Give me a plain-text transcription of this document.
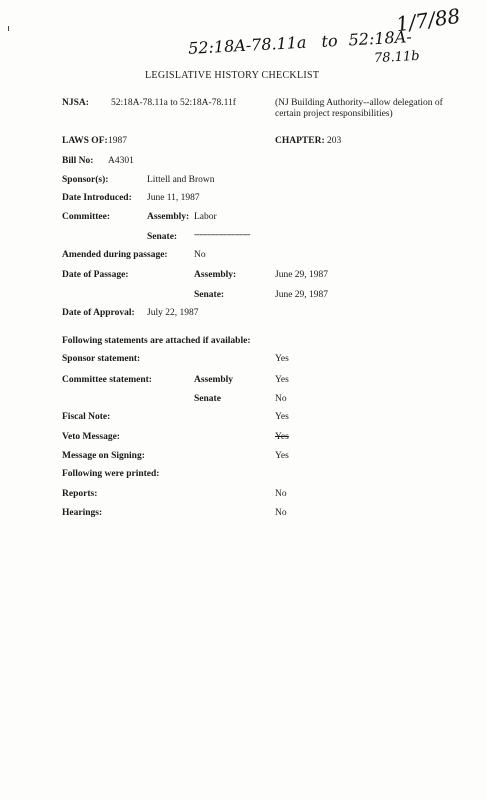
1/7/88
52:18A-78.11a to 52:18A-
78.11b
LEGISLATIVE HISTORY CHECKLIST
NJSA: 52:18A-78.11a to 52:18A-78.11f	(NJ Building Authority--allow delegation of certain project responsibilities)
LAWS OF: 1987	CHAPTER: 203
Bill No: A4301
Sponsor(s):	Littell and Brown
Date Introduced: June 11, 1987
Committee:	Assembly: Labor
Senate: ---------------------
Amended during passage:	No
Date of Passage:	Assembly:	June 29, 1987
Senate:	June 29, 1987
Date of Approval: July 22, 1987
Following statements are attached if available:
Sponsor statement:	Yes
Committee statement:	Assembly	Yes
Senate	No
Fiscal Note:	Yes
Veto Message:	Yes
Message on Signing:	Yes
Following were printed:
Reports:	No
Hearings:	No
